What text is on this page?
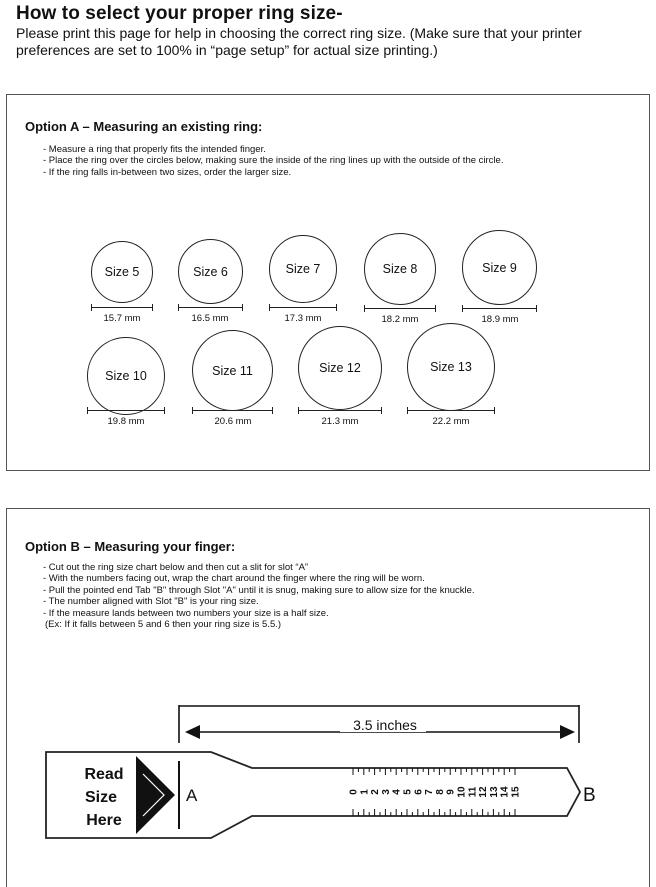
How to select your proper ring size-

Please print this page for help in choosing the correct ring size. (Make sure that your printer preferences are set to 100% in “page setup” for actual size printing.)

Option A – Measuring an existing ring:
- Measure a ring that properly fits the intended finger.
- Place the ring over the circles below, making sure the inside of the ring lines up with the outside of the circle.
- If the ring falls in-between two sizes, order the larger size.
Size 5
15.7 mm
Size 6
16.5 mm
Size 7
17.3 mm
Size 8
18.2 mm
Size 9
18.9 mm
Size 10
19.8 mm
Size 11
20.6 mm
Size 12
21.3 mm
Size 13
22.2 mm
Option B – Measuring your finger:
- Cut out the ring size chart below and then cut a slit for slot “A”
- With the numbers facing out, wrap the chart around the finger where the ring will be worn.
- Pull the pointed end Tab "B" through Slot "A" until it is snug, making sure to allow size for the knuckle.
- The number aligned with Slot "B" is your ring size.
- If the measure lands between two numbers your size is a half size.
(Ex: If it falls between 5 and 6 then your ring size is 5.5.)
3.5 inches
Read
Size
Here
A	B
0 1 2 3 4 5 6 7 8 9 10 11 12 13 14 15
